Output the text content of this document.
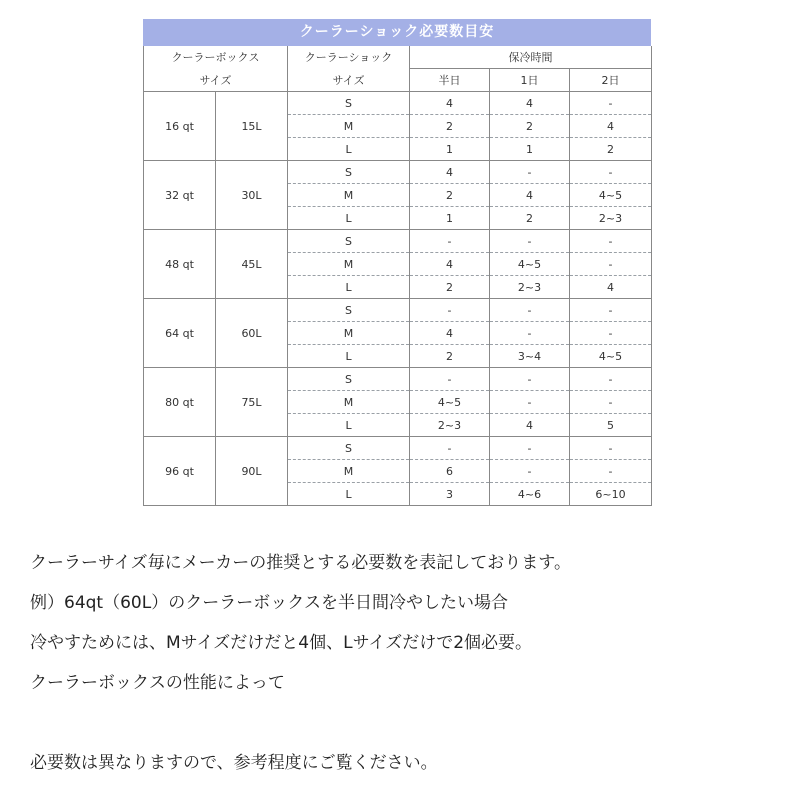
クーラーショック必要数目安
クーラーボックス		クーラーショック	保冷時間		
サイズ		サイズ	半日	1日	2日
16 qt	15L	S	4	4	-
		M	2	2	4
		L	1	1	2
32 qt	30L	S	4	-	-
		M	2	4	4~5
		L	1	2	2~3
48 qt	45L	S	-	-	-
		M	4	4~5	-
		L	2	2~3	4
64 qt	60L	S	-	-	-
		M	4	-	-
		L	2	3~4	4~5
80 qt	75L	S	-	-	-
		M	4~5	-	-
		L	2~3	4	5
96 qt	90L	S	-	-	-
		M	6	-	-
		L	3	4~6	6~10

クーラーサイズ毎にメーカーの推奨とする必要数を表記しております。

例）64qt（60L）のクーラーボックスを半日間冷やしたい場合

冷やすためには、Mサイズだけだと4個、Lサイズだけで2個必要。

クーラーボックスの性能によって

必要数は異なりますので、参考程度にご覧ください。
